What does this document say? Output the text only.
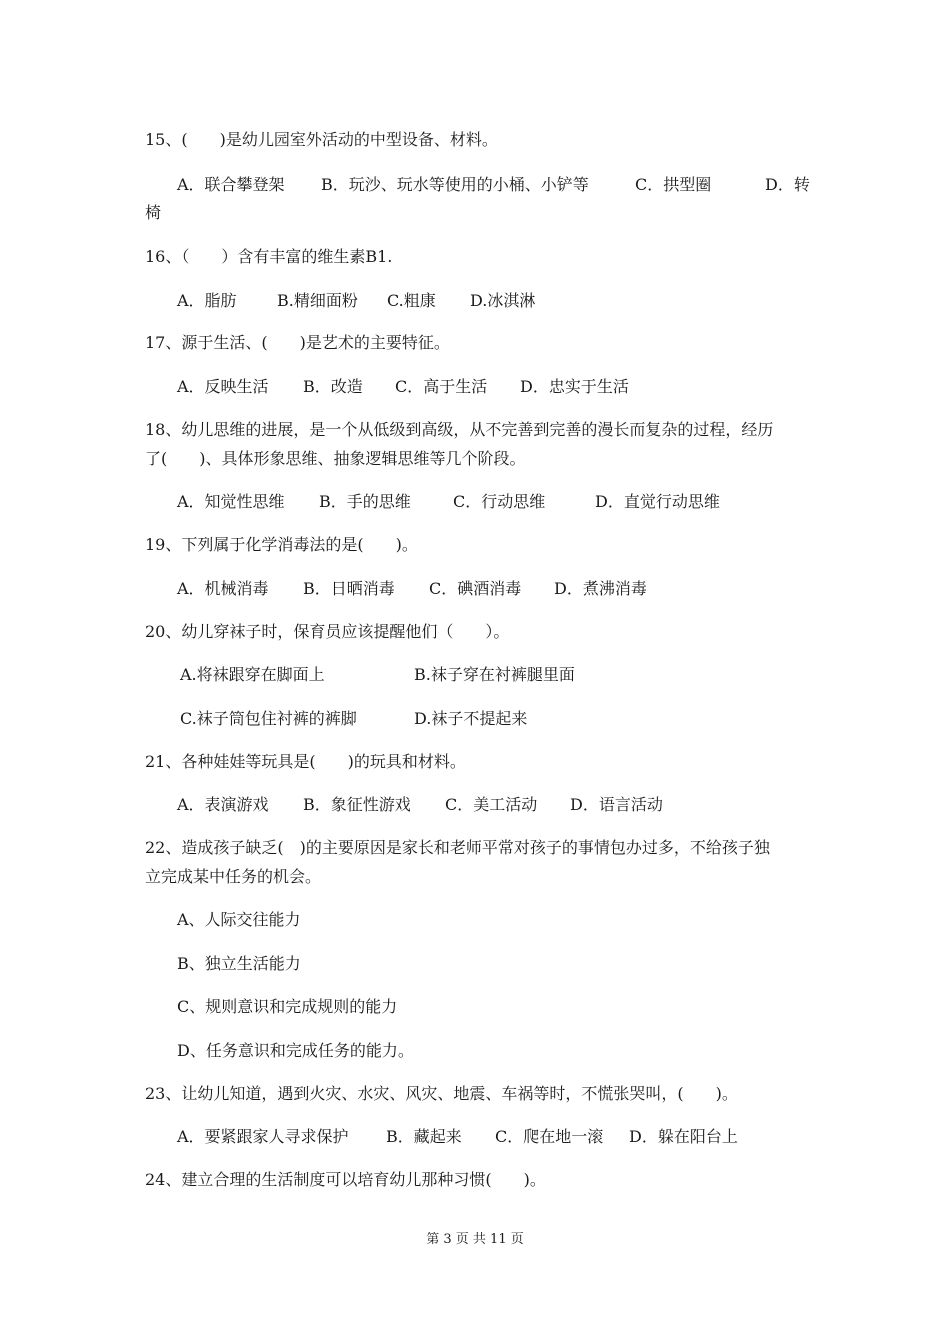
15、(　　)是幼儿园室外活动的中型设备、材料。
A．联合攀登架 B．玩沙、玩水等使用的小桶、小铲等	C．拱型圈	D．转
椅
16、（　　）含有丰富的维生素B1.
A．脂肪	B.精细面粉 C.粗康 D.冰淇淋
17、源于生活、(　　)是艺术的主要特征。
A．反映生活 B．改造 C．高于生活 D．忠实于生活
18、幼儿思维的进展，是一个从低级到高级，从不完善到完善的漫长而复杂的过程，经历
了(　　)、具体形象思维、抽象逻辑思维等几个阶段。
A．知觉性思维 B．手的思维	C．行动思维	D．直觉行动思维
19、下列属于化学消毒法的是(　　)。
A．机械消毒 B．日晒消毒 C．碘酒消毒 D．煮沸消毒
20、幼儿穿袜子时，保育员应该提醒他们（　　）。
A.将袜跟穿在脚面上	B.袜子穿在衬裤腿里面
C.袜子筒包住衬裤的裤脚	D.袜子不提起来
21、各种娃娃等玩具是(　　)的玩具和材料。
A．表演游戏 B．象征性游戏 C．美工活动 D．语言活动
22、造成孩子缺乏(　)的主要原因是家长和老师平常对孩子的事情包办过多，不给孩子独
立完成某中任务的机会。
A、人际交往能力
B、独立生活能力
C、规则意识和完成规则的能力
D、任务意识和完成任务的能力。
23、让幼儿知道，遇到火灾、水灾、风灾、地震、车祸等时，不慌张哭叫，(　　)。
A．要紧跟家人寻求保护 B．藏起来 C．爬在地一滚 D．躲在阳台上
24、建立合理的生活制度可以培育幼儿那种习惯(　　)。
第 3 页 共 11 页
